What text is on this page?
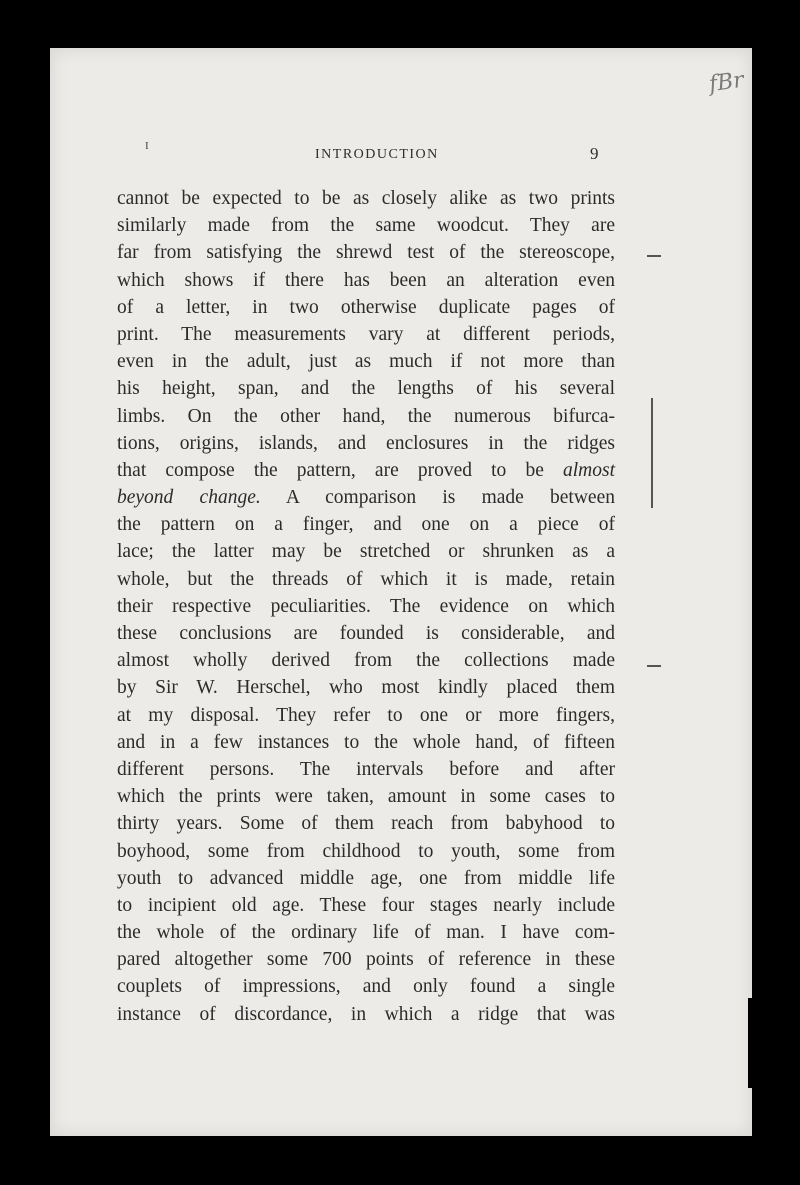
fBr
I
INTRODUCTION	9
cannot be expected to be as closely alike as two prints
similarly made from the same woodcut. They are
far from satisfying the shrewd test of the stereoscope,
which shows if there has been an alteration even
of a letter, in two otherwise duplicate pages of
print. The measurements vary at different periods,
even in the adult, just as much if not more than
his height, span, and the lengths of his several
limbs. On the other hand, the numerous bifurca-
tions, origins, islands, and enclosures in the ridges
that compose the pattern, are proved to be almost
beyond change. A comparison is made between
the pattern on a finger, and one on a piece of
lace; the latter may be stretched or shrunken as a
whole, but the threads of which it is made, retain
their respective peculiarities. The evidence on which
these conclusions are founded is considerable, and
almost wholly derived from the collections made
by Sir W. Herschel, who most kindly placed them
at my disposal. They refer to one or more fingers,
and in a few instances to the whole hand, of fifteen
different persons. The intervals before and after
which the prints were taken, amount in some cases to
thirty years. Some of them reach from babyhood to
boyhood, some from childhood to youth, some from
youth to advanced middle age, one from middle life
to incipient old age. These four stages nearly include
the whole of the ordinary life of man. I have com-
pared altogether some 700 points of reference in these
couplets of impressions, and only found a single
instance of discordance, in which a ridge that was
